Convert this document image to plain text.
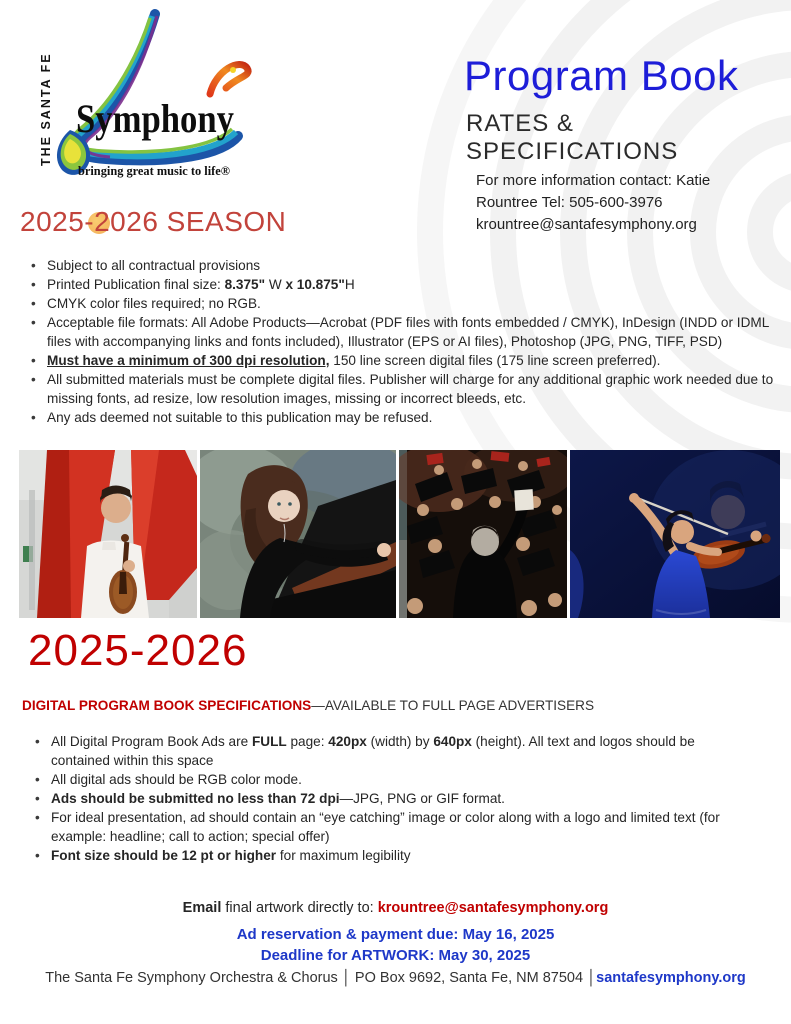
THE SANTA FE Symphony
bringing great music to life®
Program Book
RATES & SPECIFICATIONS
For more information contact: Katie
Rountree Tel: 505-600-3976
krountree@santafesymphony.org
2025-2026 SEASON
• Subject to all contractual provisions
• Printed Publication final size: 8.375" W x 10.875"H
• CMYK color files required; no RGB.
• Acceptable file formats: All Adobe Products—Acrobat (PDF files with fonts embedded / CMYK), InDesign (INDD or IDML files with accompanying links and fonts included), Illustrator (EPS or AI files), Photoshop (JPG, PNG, TIFF, PSD)
• Must have a minimum of 300 dpi resolution, 150 line screen digital files (175 line screen preferred).
• All submitted materials must be complete digital files. Publisher will charge for any additional graphic work needed due to missing fonts, ad resize, low resolution images, missing or incorrect bleeds, etc.
• Any ads deemed not suitable to this publication may be refused.
2025-2026
DIGITAL PROGRAM BOOK SPECIFICATIONS—AVAILABLE TO FULL PAGE ADVERTISERS
• All Digital Program Book Ads are FULL page: 420px (width) by 640px (height). All text and logos should be contained within this space
• All digital ads should be RGB color mode.
• Ads should be submitted no less than 72 dpi—JPG, PNG or GIF format.
• For ideal presentation, ad should contain an “eye catching” image or color along with a logo and limited text (for example: headline; call to action; special offer)
• Font size should be 12 pt or higher for maximum legibility
Email final artwork directly to: krountree@santafesymphony.org
Ad reservation & payment due: May 16, 2025
Deadline for ARTWORK: May 30, 2025
The Santa Fe Symphony Orchestra & Chorus │ PO Box 9692, Santa Fe, NM 87504 │santafesymphony.org
